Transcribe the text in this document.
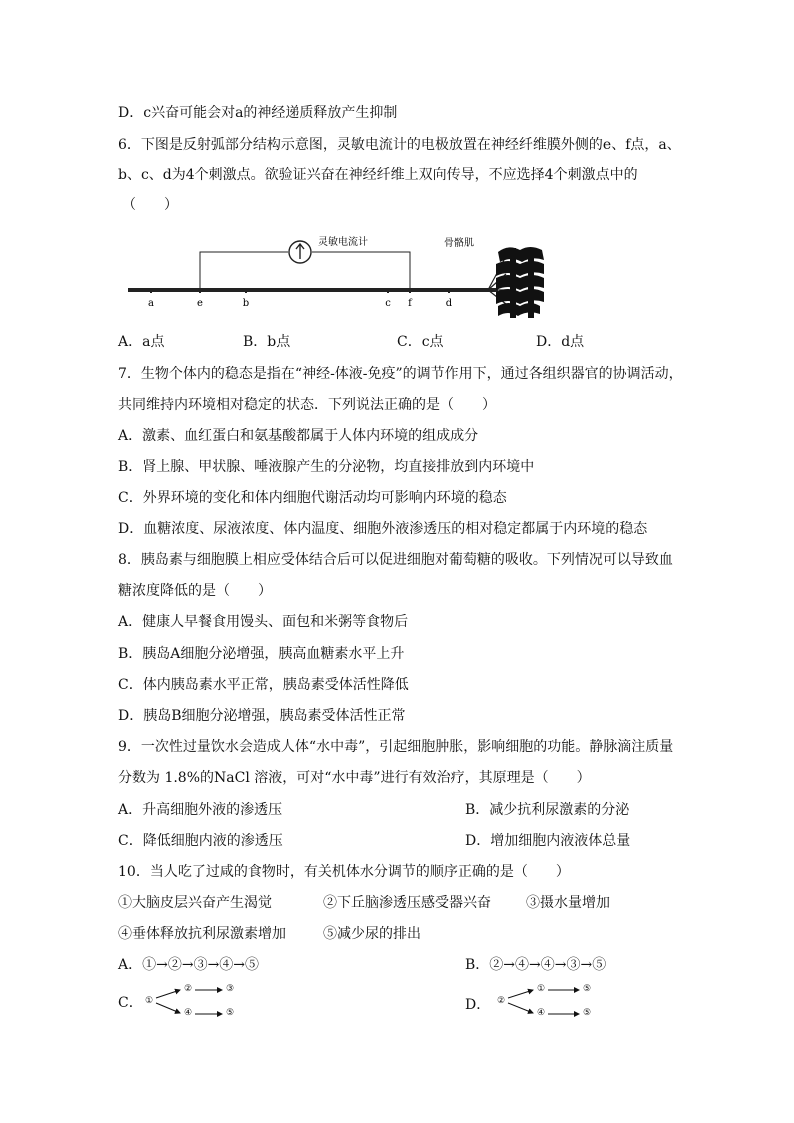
D．c兴奋可能会对a的神经递质释放产生抑制
6．下图是反射弧部分结构示意图，灵敏电流计的电极放置在神经纤维膜外侧的e、f点，a、
b、c、d为4个刺激点。欲验证兴奋在神经纤维上双向传导，不应选择4个刺激点中的
（　　）
灵敏电流计	骨骼肌
a	e	b	c f	d
A．a点	B．b点	C．c点	D．d点
7．生物个体内的稳态是指在“神经-体液-免疫”的调节作用下，通过各组织器官的协调活动，
共同维持内环境相对稳定的状态．下列说法正确的是（　　）
A．激素、血红蛋白和氨基酸都属于人体内环境的组成成分
B．肾上腺、甲状腺、唾液腺产生的分泌物，均直接排放到内环境中
C．外界环境的变化和体内细胞代谢活动均可影响内环境的稳态
D．血糖浓度、尿液浓度、体内温度、细胞外液渗透压的相对稳定都属于内环境的稳态
8．胰岛素与细胞膜上相应受体结合后可以促进细胞对葡萄糖的吸收。下列情况可以导致血
糖浓度降低的是（　　）
A．健康人早餐食用馒头、面包和米粥等食物后
B．胰岛A细胞分泌增强，胰高血糖素水平上升
C．体内胰岛素水平正常，胰岛素受体活性降低
D．胰岛B细胞分泌增强，胰岛素受体活性正常
9．一次性过量饮水会造成人体“水中毒”，引起细胞肿胀，影响细胞的功能。静脉滴注质量
分数为 1.8%的NaCl 溶液，可对“水中毒”进行有效治疗，其原理是（　　）
A．升高细胞外液的渗透压	B．减少抗利尿激素的分泌
C．降低细胞内液的渗透压	D．增加细胞内液液体总量
10．当人吃了过咸的食物时，有关机体水分调节的顺序正确的是（　　）
①大脑皮层兴奋产生渴觉	②下丘脑渗透压感受器兴奋	③摄水量增加
④垂体释放抗利尿激素增加	⑤减少尿的排出
A．①→②→③→④→⑤	B．②→④→④→③→⑤
C． ①
②	③
④	⑤	D． ②
①	⑤
④	⑤
